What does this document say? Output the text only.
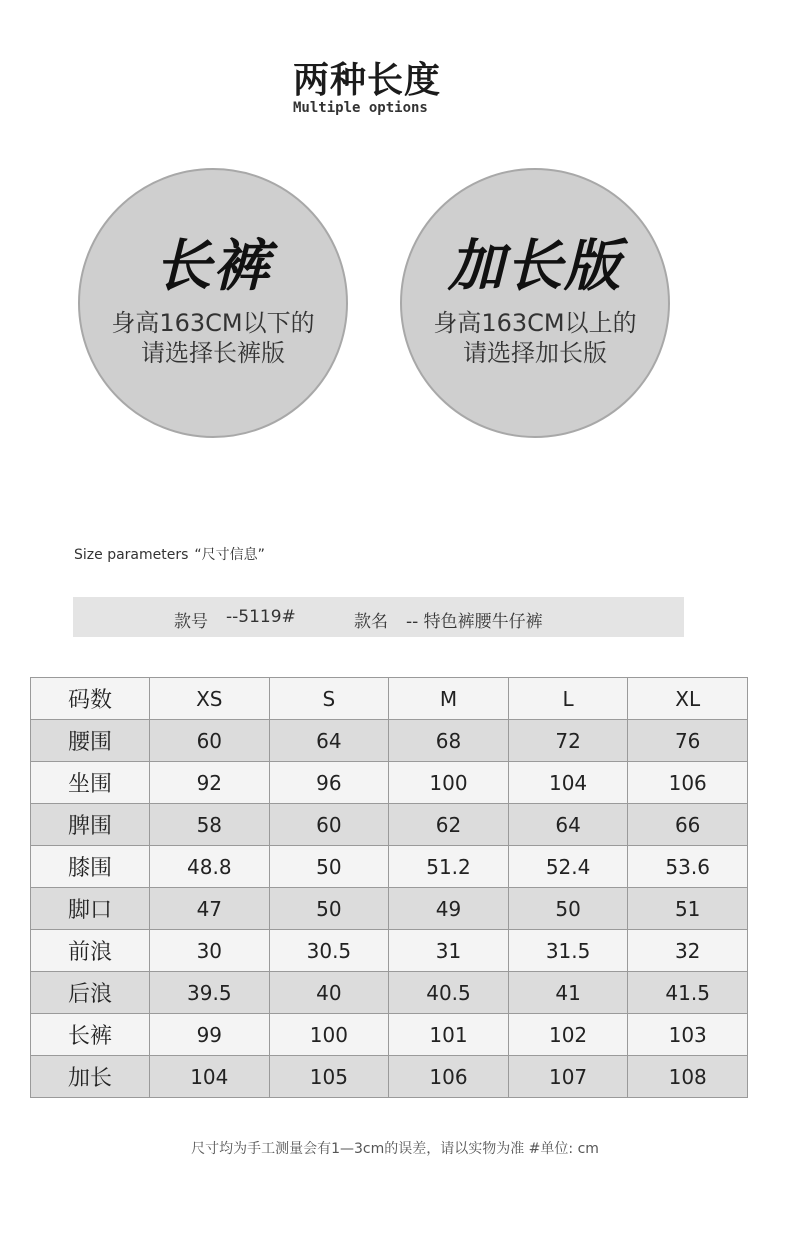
两种长度
Multiple options
长裤
身高163CM以下的
请选择长裤版
加长版
身高163CM以上的
请选择加长版
Size parameters “尺寸信息”
款号 --5119#	款名 -- 特色裤腰牛仔裤
码数	XS	S	M	L	XL
腰围	60	64	68	72	76
坐围	92	96	100	104	106
脾围	58	60	62	64	66
膝围	48.8	50	51.2	52.4	53.6
脚口	47	50	49	50	51
前浪	30	30.5	31	31.5	32
后浪	39.5	40	40.5	41	41.5
长裤	99	100	101	102	103
加长	104	105	106	107	108
尺寸均为手工测量会有1—3cm的误差，请以实物为准 #单位: cm
